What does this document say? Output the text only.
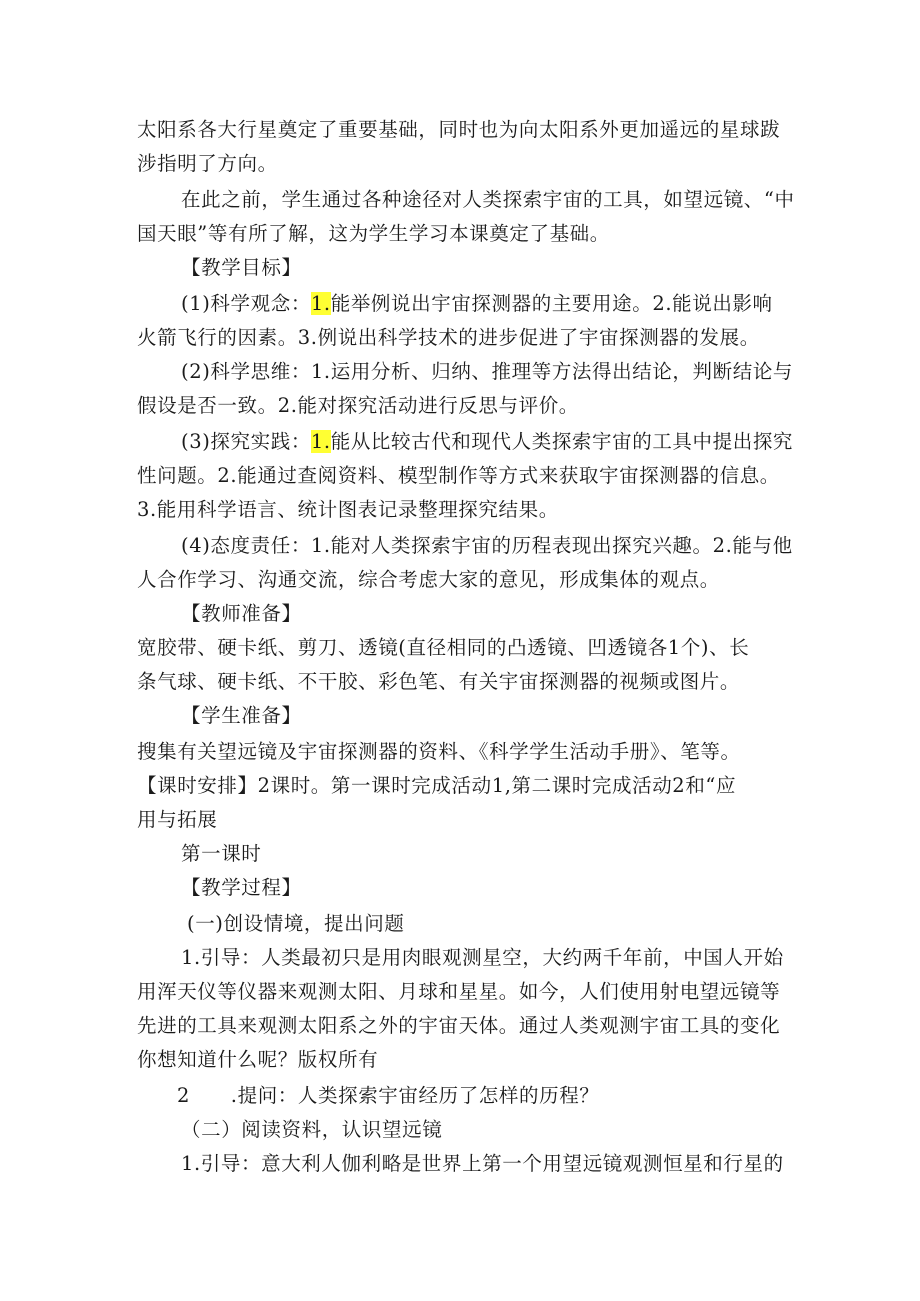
太阳系各大行星奠定了重要基础，同时也为向太阳系外更加遥远的星球跋
涉指明了方向。
在此之前，学生通过各种途径对人类探索宇宙的工具，如望远镜、“中
国天眼”等有所了解，这为学生学习本课奠定了基础。
【教学目标】
(1)科学观念：1.能举例说出宇宙探测器的主要用途。2.能说出影响
火箭飞行的因素。3.例说出科学技术的进步促进了宇宙探测器的发展。
(2)科学思维：1.运用分析、归纳、推理等方法得出结论，判断结论与
假设是否一致。2.能对探究活动进行反思与评价。
(3)探究实践：1.能从比较古代和现代人类探索宇宙的工具中提出探究
性问题。2.能通过查阅资料、模型制作等方式来获取宇宙探测器的信息。
3.能用科学语言、统计图表记录整理探究结果。
(4)态度责任：1.能对人类探索宇宙的历程表现出探究兴趣。2.能与他
人合作学习、沟通交流，综合考虑大家的意见，形成集体的观点。
【教师准备】
宽胶带、硬卡纸、剪刀、透镜(直径相同的凸透镜、凹透镜各1个)、长
条气球、硬卡纸、不干胶、彩色笔、有关宇宙探测器的视频或图片。
【学生准备】
搜集有关望远镜及宇宙探测器的资料、《科学学生活动手册》、笔等。
【课时安排】2课时。第一课时完成活动1,第二课时完成活动2和“应
用与拓展
第一课时
【教学过程】
(一)创设情境，提出问题
1.引导：人类最初只是用肉眼观测星空，大约两千年前，中国人开始
用浑天仪等仪器来观测太阳、月球和星星。如今，人们使用射电望远镜等
先进的工具来观测太阳系之外的宇宙天体。通过人类观测宇宙工具的变化
你想知道什么呢？版权所有
2      .提问：人类探索宇宙经历了怎样的历程？
（二）阅读资料，认识望远镜
1.引导：意大利人伽利略是世界上第一个用望远镜观测恒星和行星的
